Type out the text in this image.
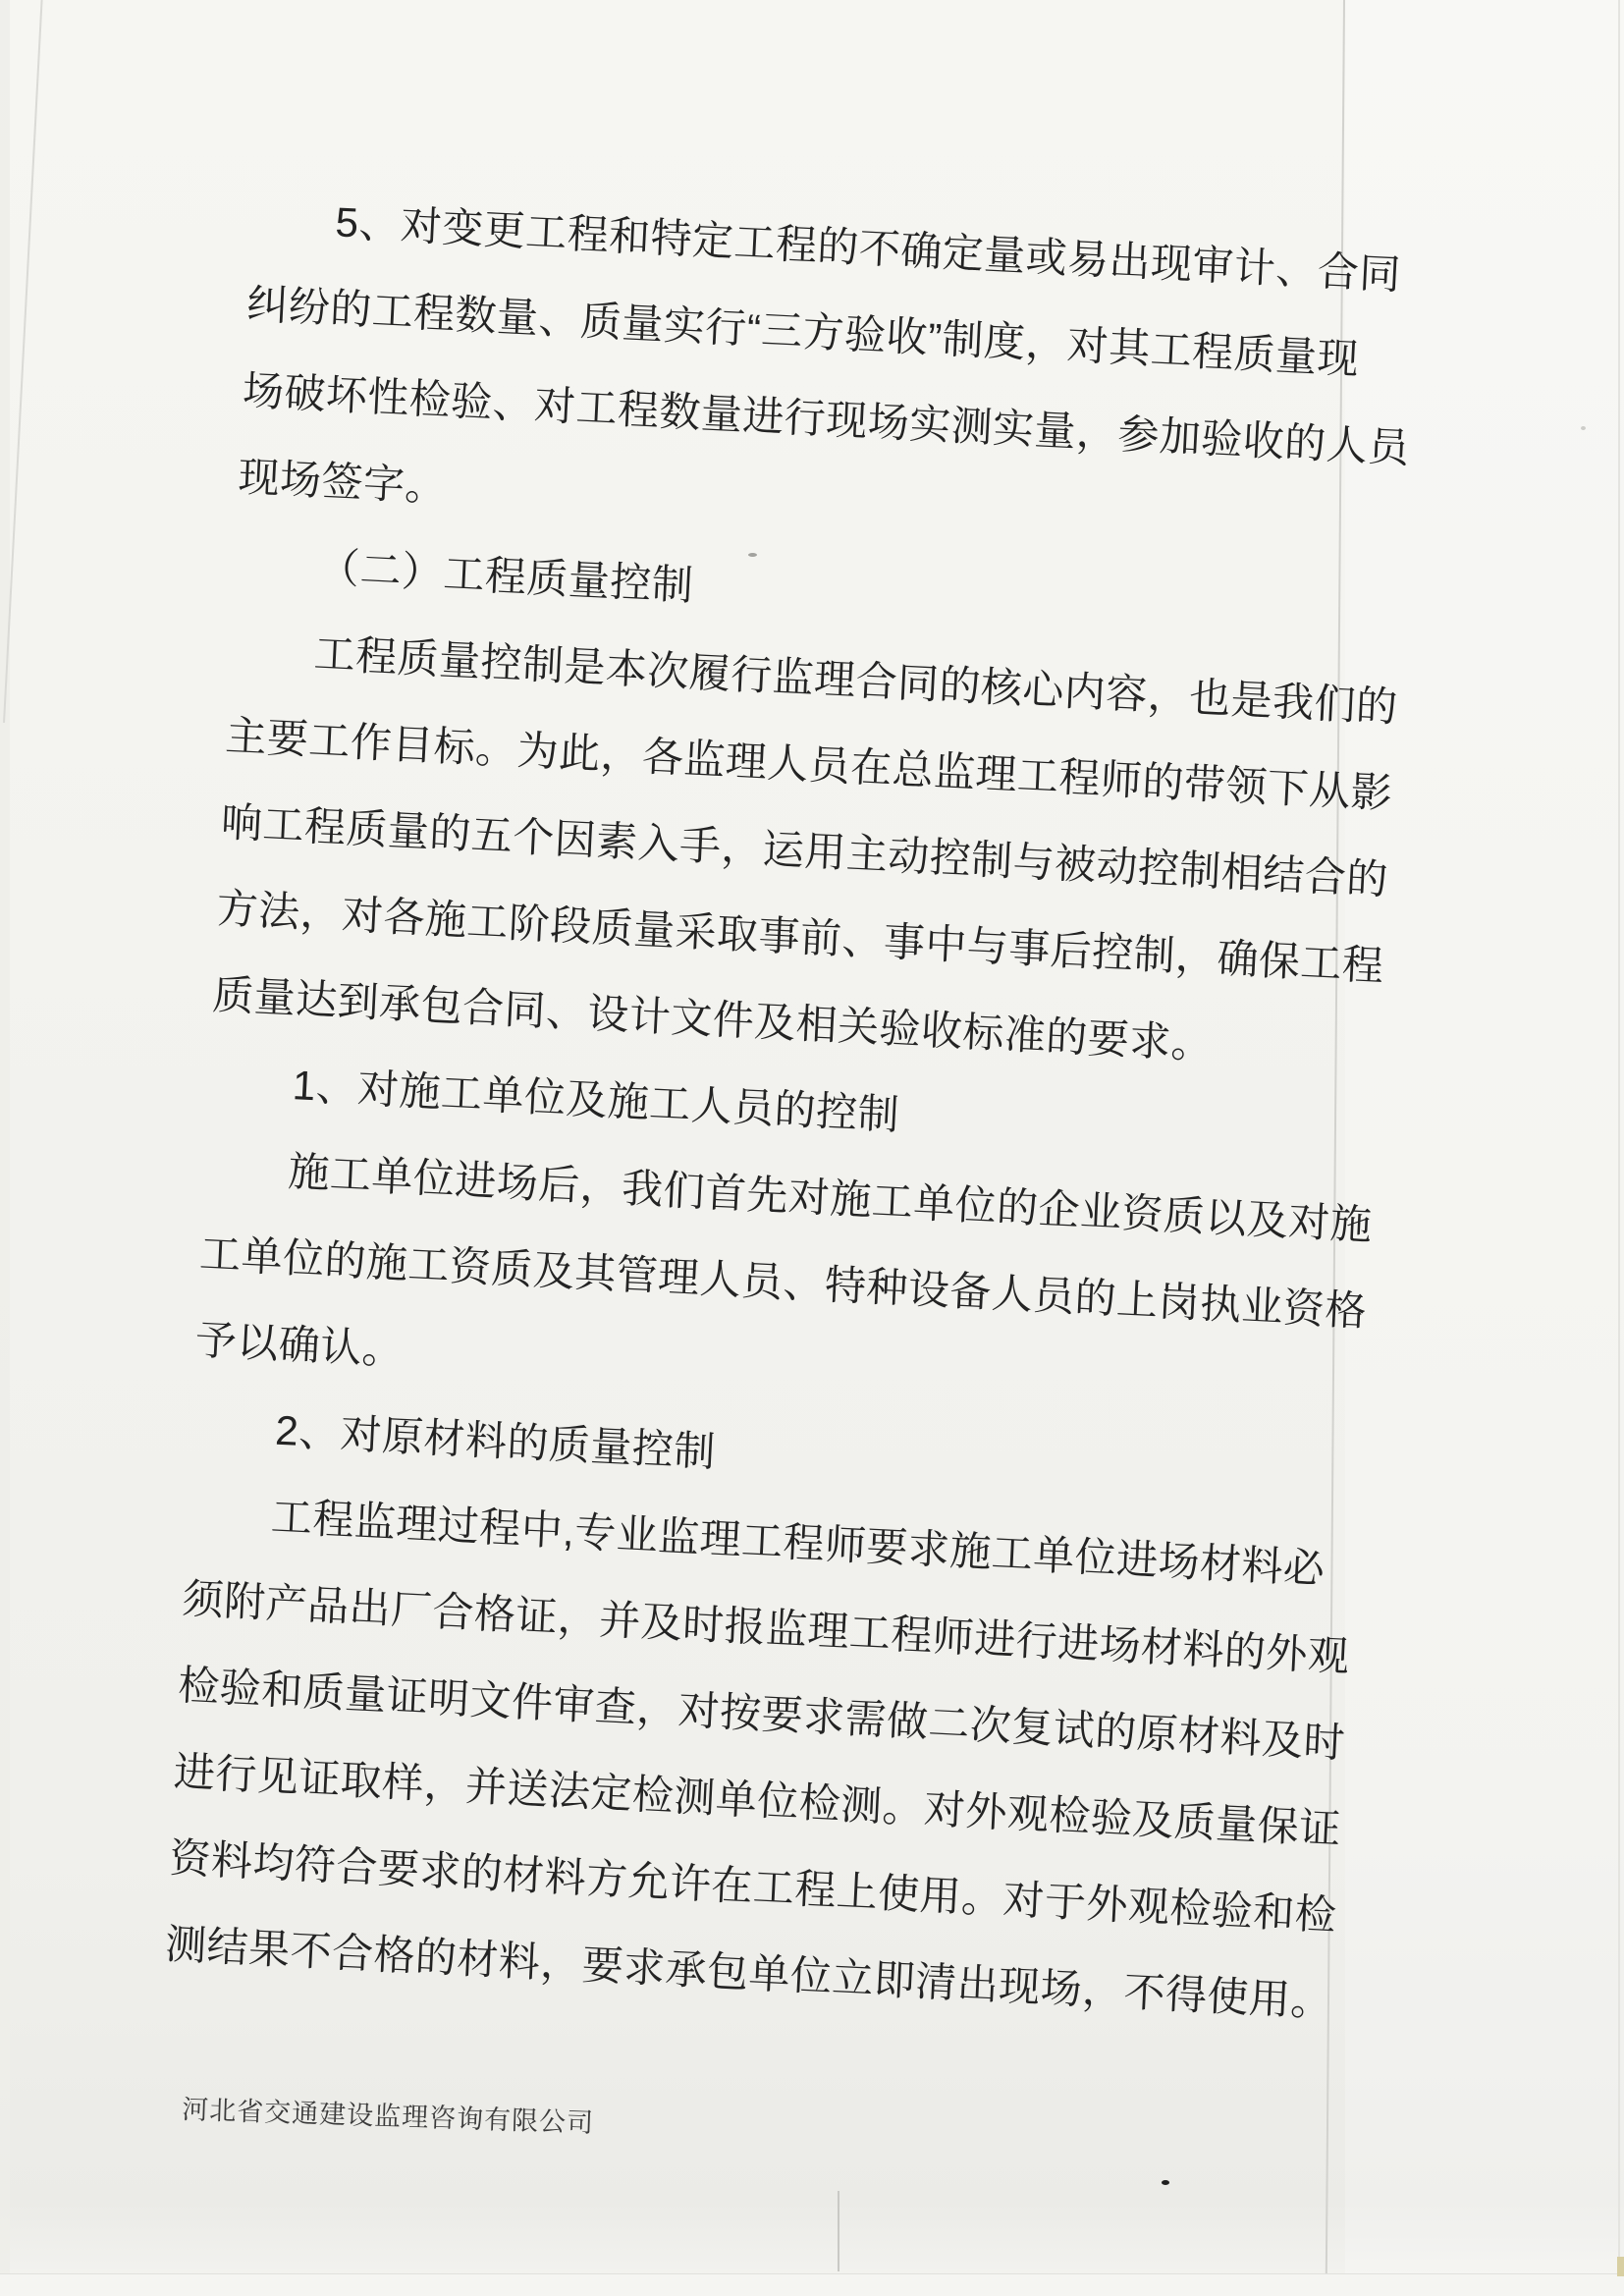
5、对变更工程和特定工程的不确定量或易出现审计、合同
纠纷的工程数量、质量实行“三方验收”制度，对其工程质量现
场破坏性检验、对工程数量进行现场实测实量，参加验收的人员
现场签字。

（二）工程质量控制

工程质量控制是本次履行监理合同的核心内容，也是我们的
主要工作目标。为此，各监理人员在总监理工程师的带领下从影
响工程质量的五个因素入手，运用主动控制与被动控制相结合的
方法，对各施工阶段质量采取事前、事中与事后控制，确保工程
质量达到承包合同、设计文件及相关验收标准的要求。

1、对施工单位及施工人员的控制

施工单位进场后，我们首先对施工单位的企业资质以及对施
工单位的施工资质及其管理人员、特种设备人员的上岗执业资格
予以确认。

2、对原材料的质量控制

工程监理过程中,专业监理工程师要求施工单位进场材料必
须附产品出厂合格证，并及时报监理工程师进行进场材料的外观
检验和质量证明文件审查，对按要求需做二次复试的原材料及时
进行见证取样，并送法定检测单位检测。对外观检验及质量保证
资料均符合要求的材料方允许在工程上使用。对于外观检验和检
测结果不合格的材料，要求承包单位立即清出现场，不得使用。

河北省交通建设监理咨询有限公司
